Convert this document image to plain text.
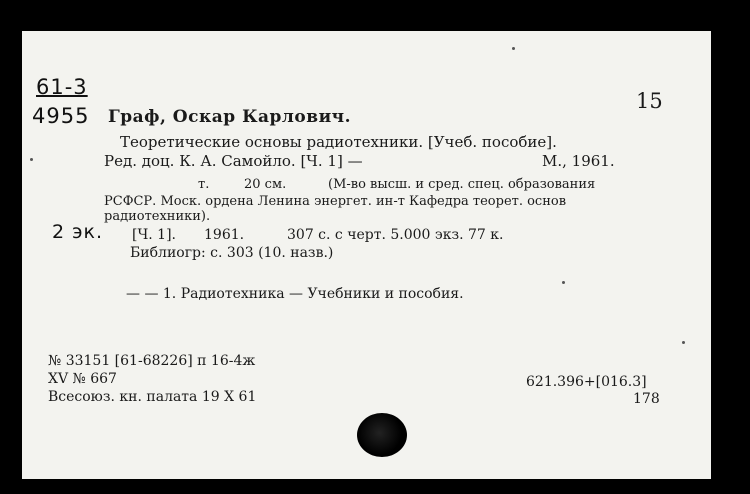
61-3
4955
15
Граф, Оскар Карлович.
Теоретические основы радиотехники. [Учеб. пособие].
Ред. доц. К. А. Самойло. [Ч. 1] —	М., 1961.
т.	20 см.	(М-во высш. и сред. спец. образования
РСФСР. Моск. ордена Ленина энергет. ин-т Кафедра теорет. основ
радиотехники).
2 эк. [Ч. 1]. 1961.	307 с. с черт. 5.000 экз. 77 к.
Библиогр: с. 303 (10. назв.)
— — 1. Радиотехника — Учебники и пособия.
№ 33151 [61-68226] п 16-4ж
XV № 667
Всесоюз. кн. палата 19 X 61
621.396+[016.3]
178
